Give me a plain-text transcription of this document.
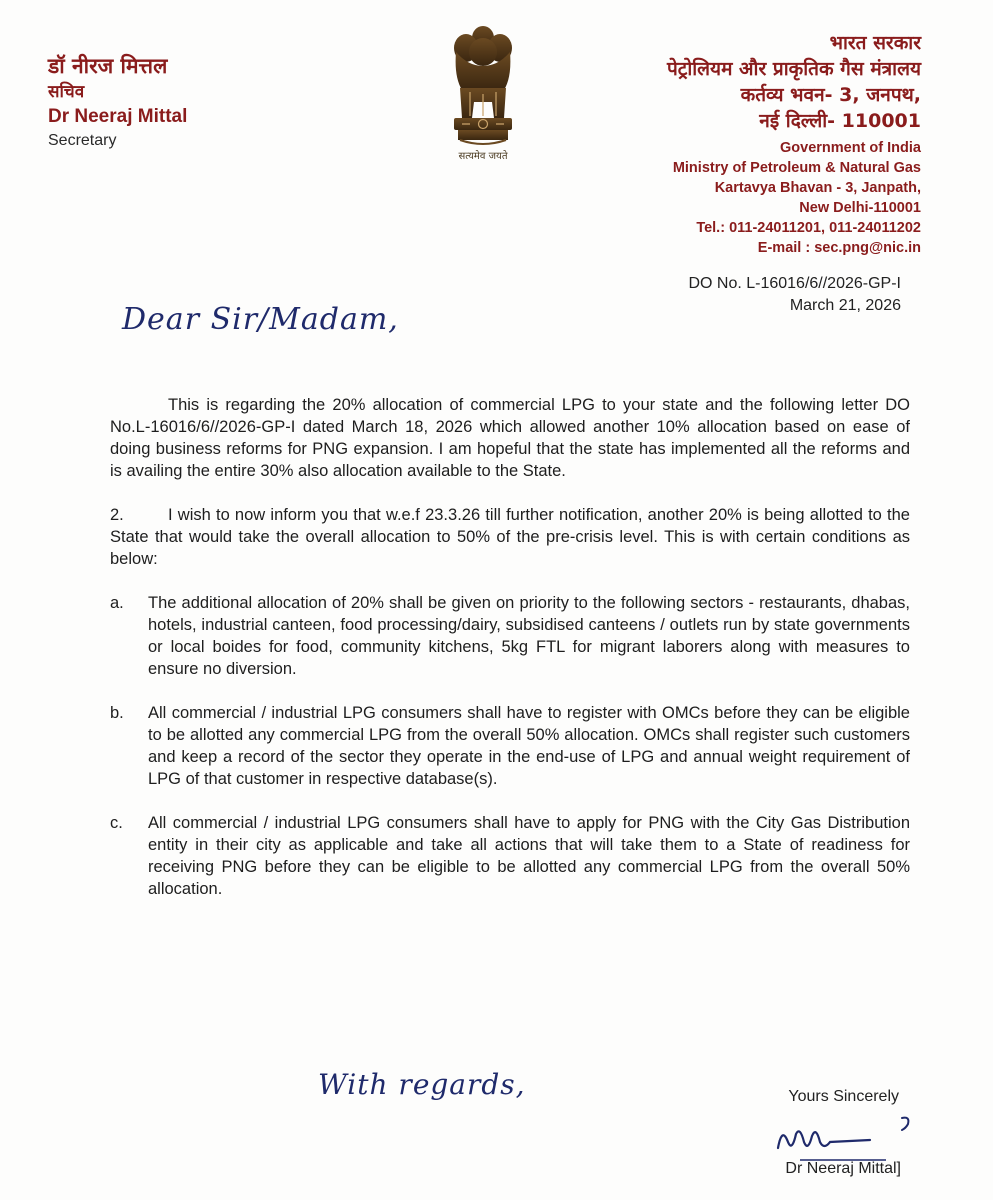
डॉ नीरज मित्तल
सचिव
Dr Neeraj Mittal
Secretary
सत्यमेव जयते
भारत सरकार
पेट्रोलियम और प्राकृतिक गैस मंत्रालय
कर्तव्य भवन- 3, जनपथ,
नई दिल्ली- 110001
Government of India
Ministry of Petroleum & Natural Gas
Kartavya Bhavan - 3, Janpath,
New Delhi-110001
Tel.: 011-24011201, 011-24011202
E-mail : sec.png@nic.in
DO No. L-16016/6//2026-GP-I
March 21, 2026
Dear Sir/Madam,

This is regarding the 20% allocation of commercial LPG to your state and the following letter DO No.L-16016/6//2026-GP-I dated March 18, 2026 which allowed another 10% allocation based on ease of doing business reforms for PNG expansion. I am hopeful that the state has implemented all the reforms and is availing the entire 30% also allocation available to the State.

2.	I wish to now inform you that w.e.f 23.3.26 till further notification, another 20% is being allotted to the State that would take the overall allocation to 50% of the pre-crisis level. This is with certain conditions as below:

a. The additional allocation of 20% shall be given on priority to the following sectors - restaurants, dhabas, hotels, industrial canteen, food processing/dairy, subsidised canteens / outlets run by state governments or local boides for food, community kitchens, 5kg FTL for migrant laborers along with measures to ensure no diversion.
b. All commercial / industrial LPG consumers shall have to register with OMCs before they can be eligible to be allotted any commercial LPG from the overall 50% allocation. OMCs shall register such customers and keep a record of the sector they operate in the end-use of LPG and annual weight requirement of LPG of that customer in respective database(s).
c. All commercial / industrial LPG consumers shall have to apply for PNG with the City Gas Distribution entity in their city as applicable and take all actions that will take them to a State of readiness for receiving PNG before they can be eligible to be allotted any commercial LPG from the overall 50% allocation.
With regards,	Yours Sincerely
Dr Neeraj Mittal]
